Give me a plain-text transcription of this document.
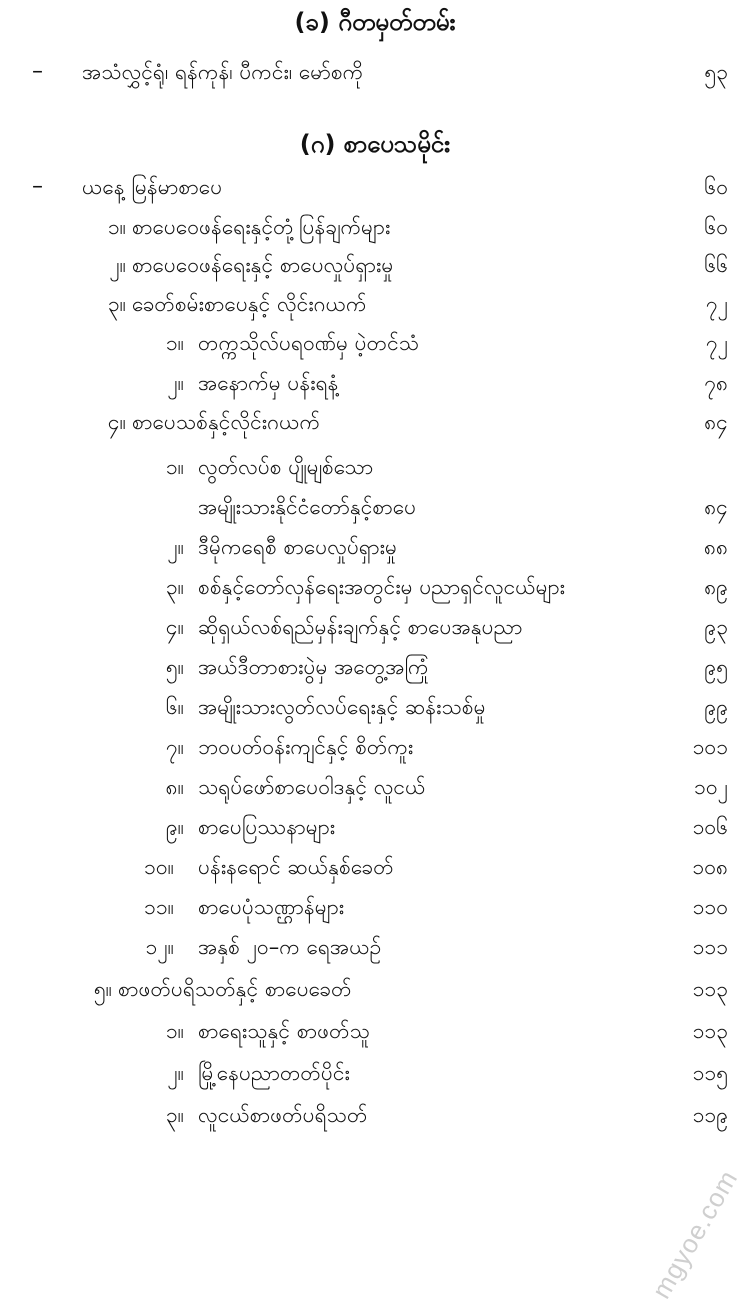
(ခ) ဂီတမှတ်တမ်း
– အသံလွှင့်ရုံ၊ ရန်ကုန်၊ ပီကင်း၊ မော်စကို	၅၃
(ဂ) စာပေသမိုင်း
– ယနေ့ မြန်မာစာပေ	၆၀
၁။ စာပေဝေဖန်ရေးနှင့်တုံ့ပြန်ချက်များ	၆၀
၂။ စာပေဝေဖန်ရေးနှင့် စာပေလှုပ်ရှားမှု	၆၆
၃။ ခေတ်စမ်းစာပေနှင့် လိုင်းဂယက်	၇၂
၁။ တက္ကသိုလ်ပရဝဏ်မှ ပဲ့တင်သံ	၇၂
၂။ အနောက်မှ ပန်းရနံ့	၇၈
၄။ စာပေသစ်နှင့်လိုင်းဂယက်	၈၄
၁။ လွတ်လပ်စ ပျိုမျစ်သော
အမျိုးသားနိုင်ငံတော်နှင့်စာပေ	၈၄
၂။ ဒီမိုကရေစီ စာပေလှုပ်ရှားမှု	၈၈
၃။ စစ်နှင့်တော်လှန်ရေးအတွင်းမှ ပညာရှင်လူငယ်များ	၈၉
၄။ ဆိုရှယ်လစ်ရည်မှန်းချက်နှင့် စာပေအနုပညာ	၉၃
၅။ အယ်ဒီတာစားပွဲမှ အတွေ့အကြုံ	၉၅
၆။ အမျိုးသားလွတ်လပ်ရေးနှင့် ဆန်းသစ်မှု	၉၉
၇။ ဘဝပတ်ဝန်းကျင်နှင့် စိတ်ကူး	၁၀၁
၈။ သရုပ်ဖော်စာပေဝါဒနှင့် လူငယ်	၁၀၂
၉။ စာပေပြဿနာများ	၁၀၆
၁၀။ ပန်းနရောင် ဆယ်နှစ်ခေတ်	၁၀၈
၁၁။ စာပေပုံသဏ္ဌာန်များ	၁၁၀
၁၂။ အနှစ် ၂၀–က ရေအယဉ်	၁၁၁
၅။ စာဖတ်ပရိသတ်နှင့် စာပေခေတ်	၁၁၃
၁။ စာရေးသူနှင့် စာဖတ်သူ	၁၁၃
၂။ မြို့နေပညာတတ်ပိုင်း	၁၁၅
၃။ လူငယ်စာဖတ်ပရိသတ်	၁၁၉
mgyoe.com
